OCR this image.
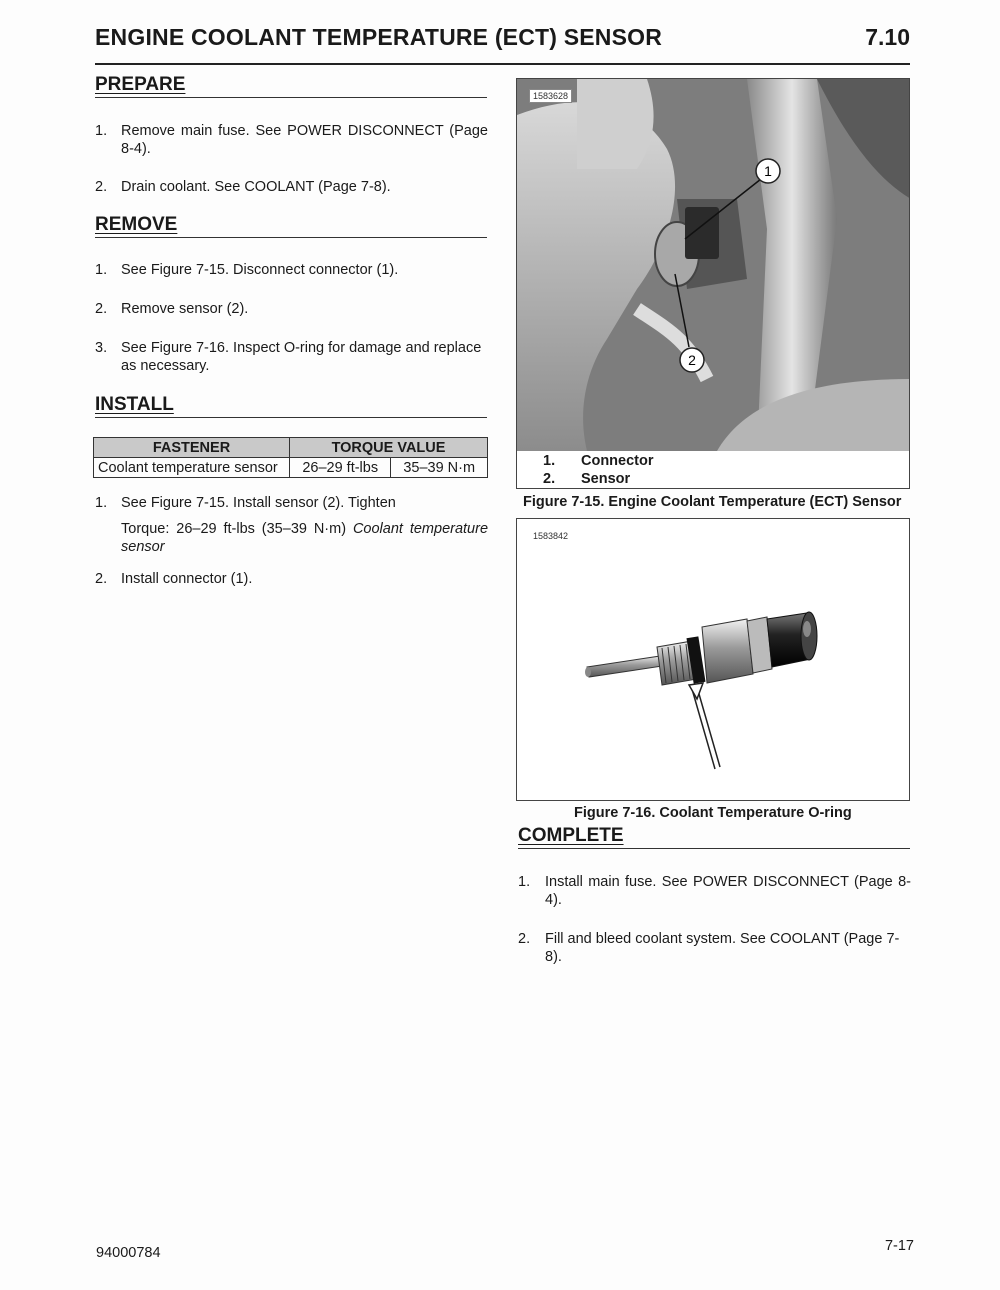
ENGINE COOLANT TEMPERATURE (ECT) SENSOR	7.10
PREPARE
1. Remove main fuse. See POWER DISCONNECT (Page 8-4).
2. Drain coolant. See COOLANT (Page 7-8).
REMOVE
1. See Figure 7-15. Disconnect connector (1).
2. Remove sensor (2).
3. See Figure 7-16. Inspect O-ring for damage and replace as necessary.
INSTALL
FASTENER	TORQUE VALUE	
Coolant temperature sensor	26–29 ft-lbs	35–39 N·m
1. See Figure 7-15. Install sensor (2). Tighten
Torque: 26–29 ft-lbs (35–39 N·m) Coolant temperature sensor
2. Install connector (1).
1
2
1583628
1. Connector
2. Sensor
Figure 7-15. Engine Coolant Temperature (ECT) Sensor
1583842
Figure 7-16. Coolant Temperature O-ring
COMPLETE
1. Install main fuse. See POWER DISCONNECT (Page 8-4).
2. Fill and bleed coolant system. See COOLANT (Page 7-8).
94000784	7-17
